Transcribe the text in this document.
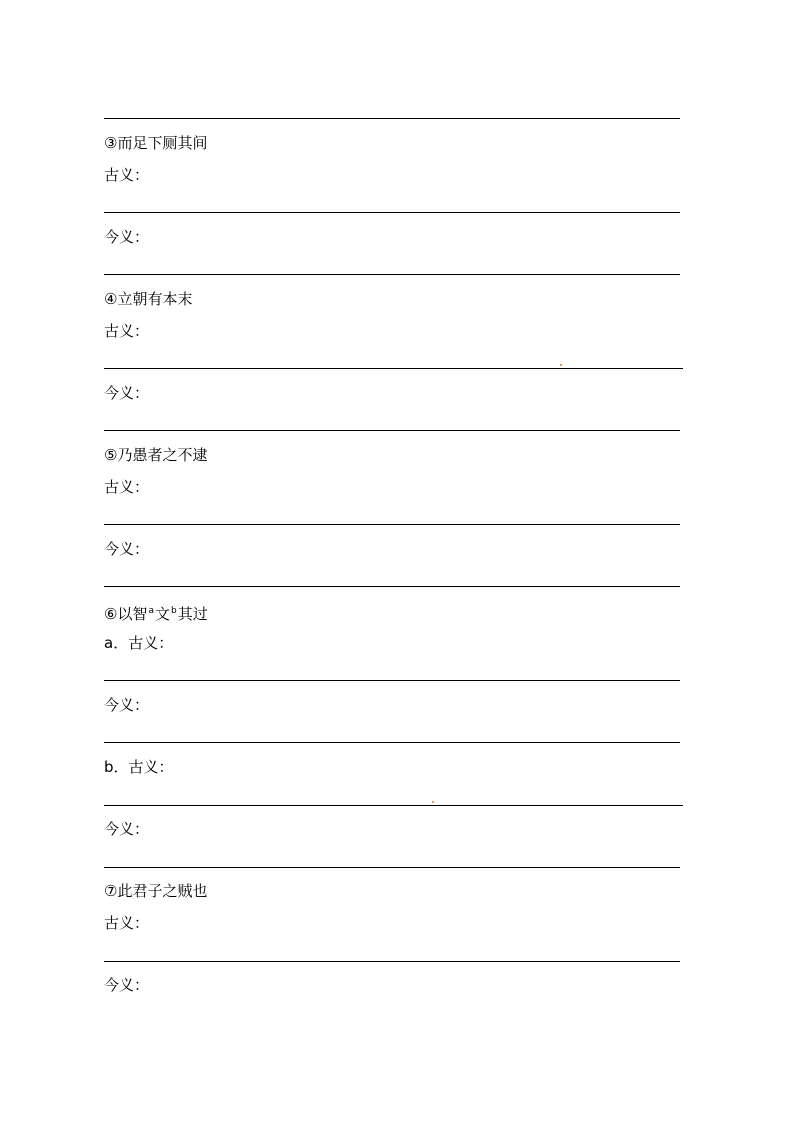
③而足下厕其间
古义：
今义：
④立朝有本末
古义：
今义：
⑤乃愚者之不逮
古义：
今义：
⑥以智$^a$文$^b$其过
a．古义：
今义：
b．古义：
今义：
⑦此君子之贼也
古义：
今义：
